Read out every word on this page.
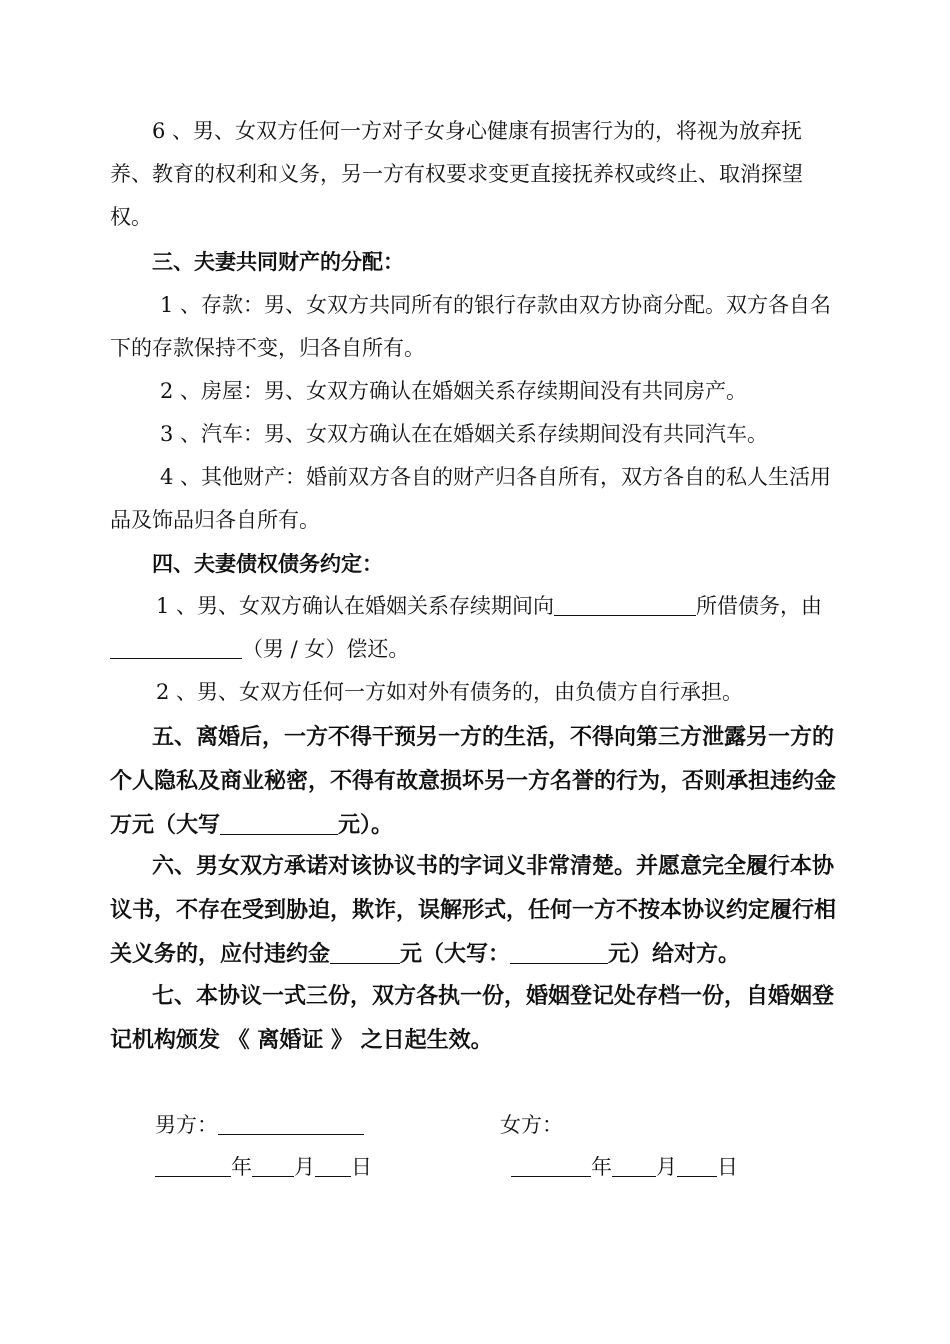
6 、男、女双方任何一方对子女身心健康有损害行为的，将视为放弃抚养、教育的权利和义务，另一方有权要求变更直接抚养权或终止、取消探望权。

三、夫妻共同财产的分配：

1 、存款：男、女双方共同所有的银行存款由双方协商分配。双方各自名下的存款保持不变，归各自所有。

2 、房屋：男、女双方确认在婚姻关系存续期间没有共同房产。

3 、汽车：男、女双方确认在在婚姻关系存续期间没有共同汽车。

4 、其他财产：婚前双方各自的财产归各自所有，双方各自的私人生活用品及饰品归各自所有。

四、夫妻债权债务约定：

1 、男、女双方确认在婚姻关系存续期间向	所借债务，由（男 / 女）偿还。

2 、男、女双方任何一方如对外有债务的，由负债方自行承担。

五、离婚后，一方不得干预另一方的生活，不得向第三方泄露另一方的个人隐私及商业秘密，不得有故意损坏另一方名誉的行为，否则承担违约金万元（大写	元）。

六、男女双方承诺对该协议书的字词义非常清楚。并愿意完全履行本协议书，不存在受到胁迫，欺诈，误解形式，任何一方不按本协议约定履行相关义务的，应付违约金	元（大写：	元）给对方。

七、本协议一式三份，双方各执一份，婚姻登记处存档一份，自婚姻登记机构颁发 《 离婚证 》 之日起生效。

男方：	女方：
年 月 日	年 月 日
